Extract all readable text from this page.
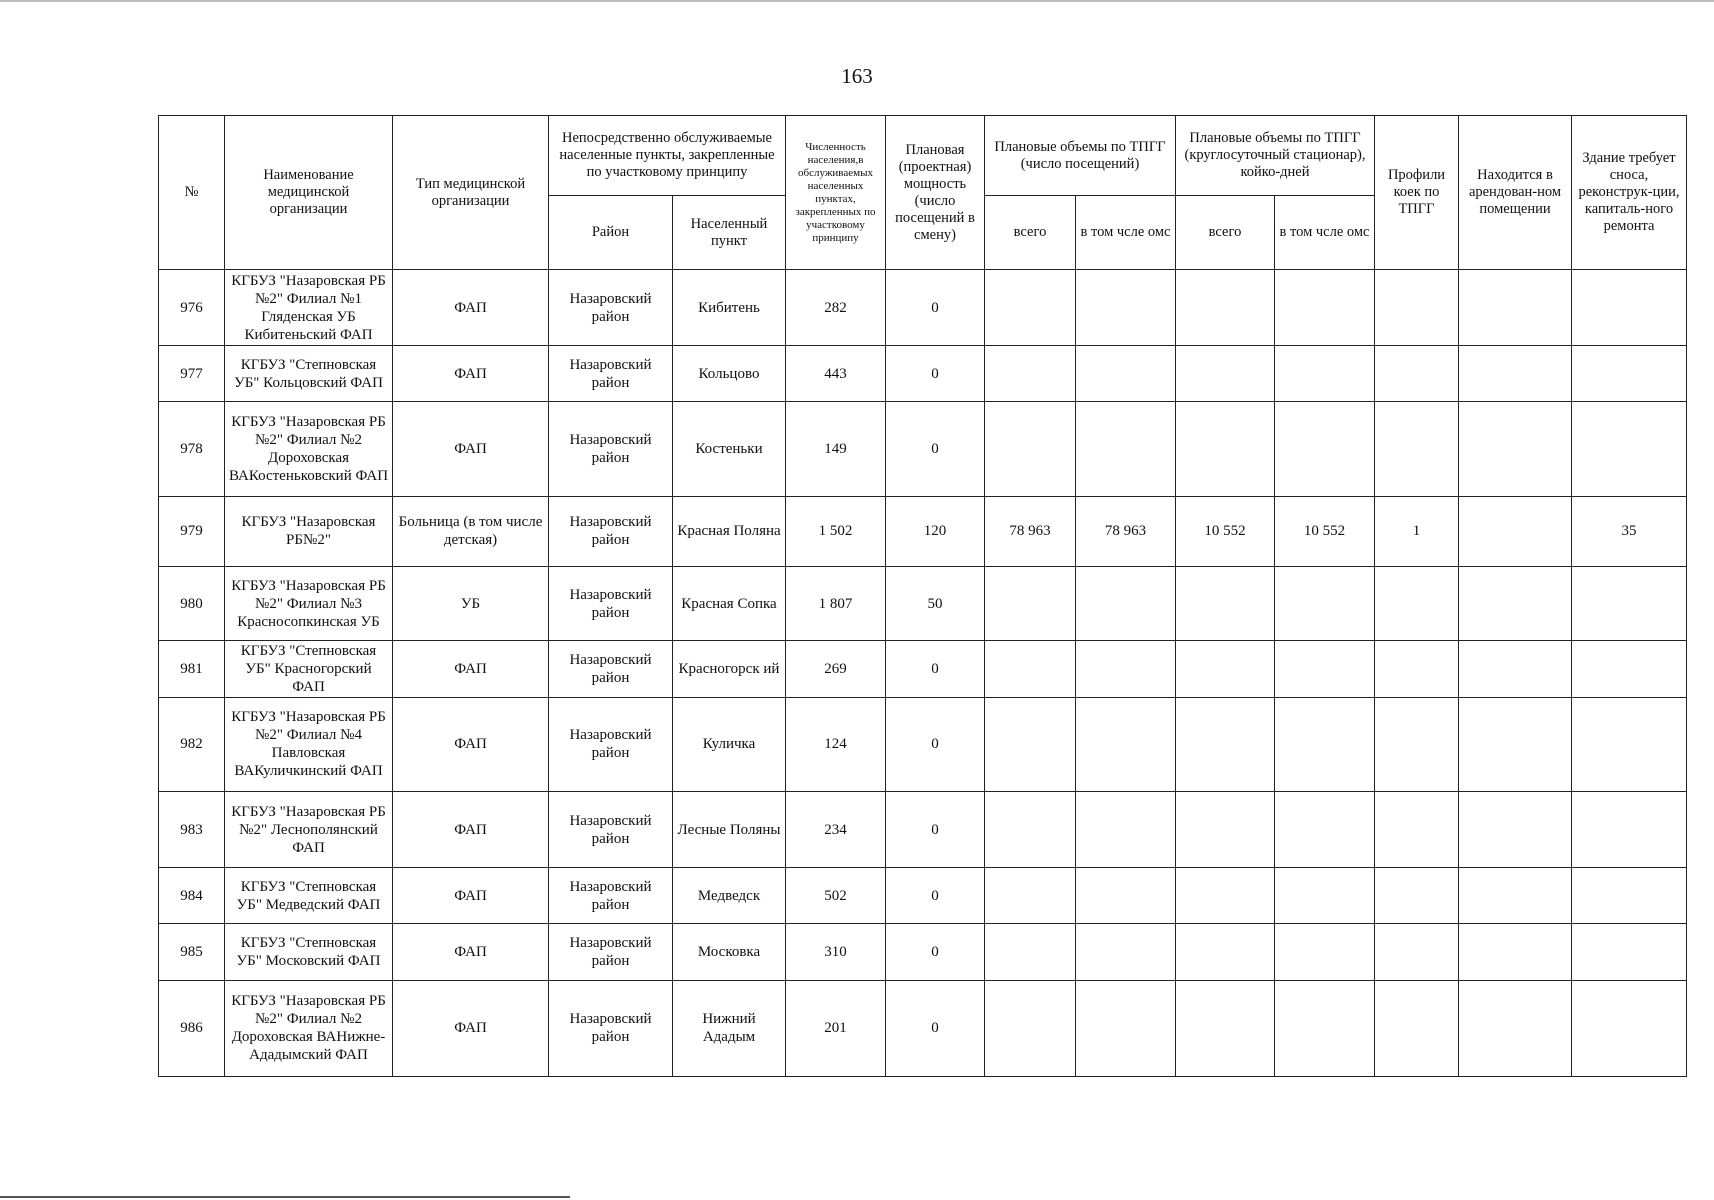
163
№	Наименование медицинской организации	Тип медицинской организации	Непосредственно обслуживаемые населенные пункты, закрепленные по участковому принципу		Численность населения,в обслуживаемых населенных пунктах, закрепленных по участковому принципу	Плановая (проектная) мощность (число посещений в смену)	Плановые объемы по ТПГГ (число посещений)		Плановые объемы по ТПГГ (круглосуточный стационар), койко-дней		Профили коек по ТПГГ	Находится в арендован-ном помещении	Здание требует сноса, реконструк-ции, капиталь-ного ремонта
			Район	Населенный пункт			всего	в том чсле омс	всего	в том чсле омс			
976	КГБУЗ "Назаровская РБ №2" Филиал №1 Гляденская УБ Кибитеньский ФАП	ФАП	Назаровский район	Кибитень	282	0							
977	КГБУЗ "Степновская УБ" Кольцовский ФАП	ФАП	Назаровский район	Кольцово	443	0							
978	КГБУЗ "Назаровская РБ №2" Филиал №2 Дороховская ВАКостеньковский ФАП	ФАП	Назаровский район	Костеньки	149	0							
979	КГБУЗ "Назаровская РБ№2"	Больница (в том числе детская)	Назаровский район	Красная Поляна	1 502	120	78 963	78 963	10 552	10 552	1		35
980	КГБУЗ "Назаровская РБ №2" Филиал №3 Красносопкинская УБ	УБ	Назаровский район	Красная Сопка	1 807	50							
981	КГБУЗ "Степновская УБ" Красногорский ФАП	ФАП	Назаровский район	Красногорск ий	269	0							
982	КГБУЗ "Назаровская РБ №2" Филиал №4 Павловская ВАКуличкинский ФАП	ФАП	Назаровский район	Куличка	124	0							
983	КГБУЗ "Назаровская РБ №2" Леснополянский ФАП	ФАП	Назаровский район	Лесные Поляны	234	0							
984	КГБУЗ "Степновская УБ" Медведский ФАП	ФАП	Назаровский район	Медведск	502	0							
985	КГБУЗ "Степновская УБ" Московский ФАП	ФАП	Назаровский район	Московка	310	0							
986	КГБУЗ "Назаровская РБ №2" Филиал №2 Дороховская ВАНижне-Ададымский ФАП	ФАП	Назаровский район	Нижний Ададым	201	0							
